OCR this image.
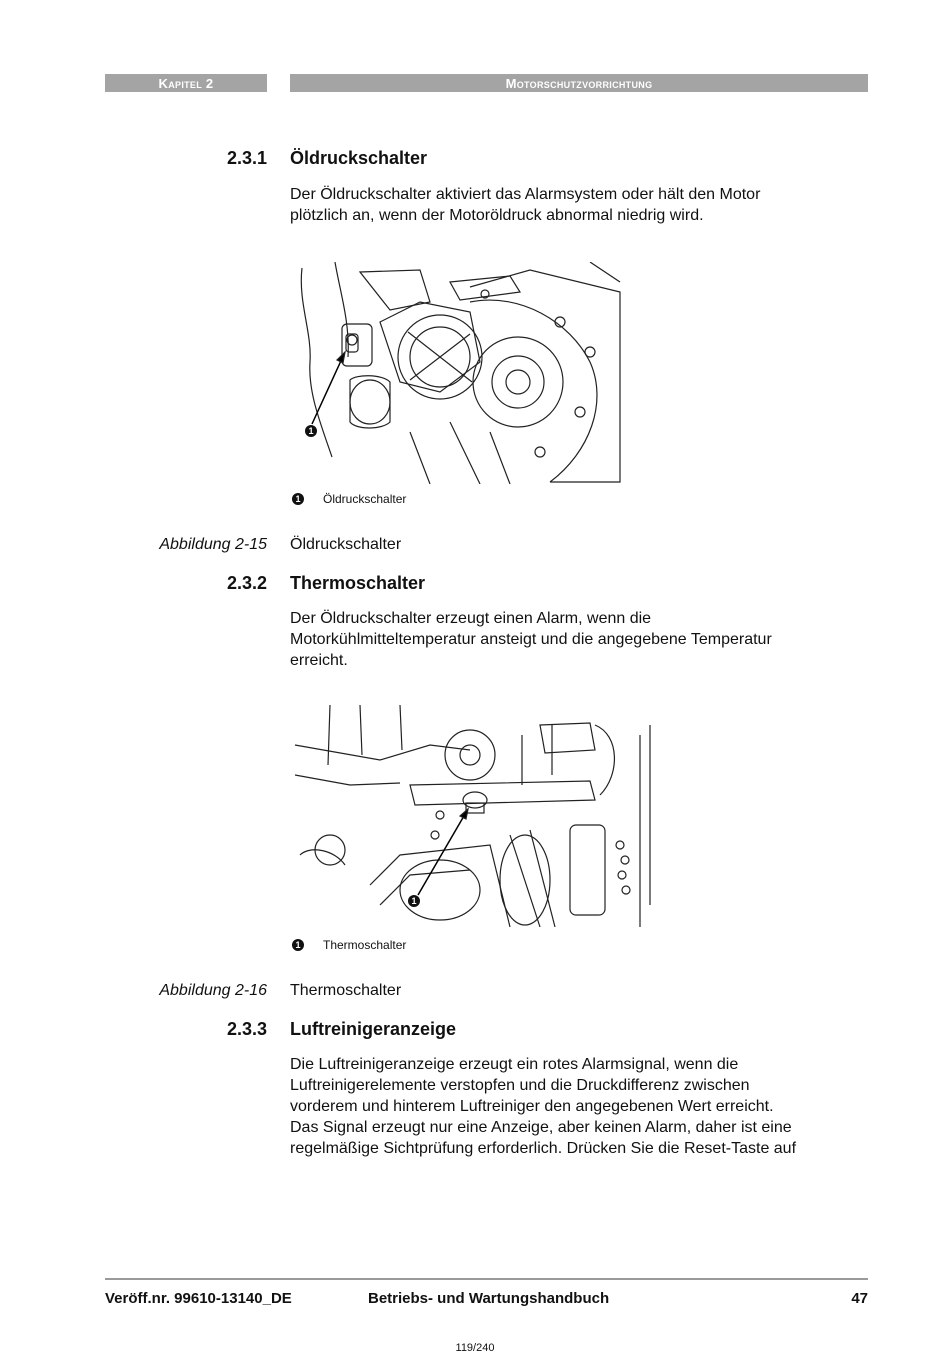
Kapitel 2	Motorschutzvorrichtung
2.3.1 Öldruckschalter
Der Öldruckschalter aktiviert das Alarmsystem oder hält den Motor
plötzlich an, wenn der Motoröldruck abnormal niedrig wird.
1
1 Öldruckschalter
Abbildung 2-15 Öldruckschalter
2.3.2 Thermoschalter
Der Öldruckschalter erzeugt einen Alarm, wenn die
Motorkühlmitteltemperatur ansteigt und die angegebene Temperatur
erreicht.
1
1 Thermoschalter
Abbildung 2-16 Thermoschalter
2.3.3 Luftreinigeranzeige
Die Luftreinigeranzeige erzeugt ein rotes Alarmsignal, wenn die
Luftreinigerelemente verstopfen und die Druckdifferenz zwischen
vorderem und hinterem Luftreiniger den angegebenen Wert erreicht.
Das Signal erzeugt nur eine Anzeige, aber keinen Alarm, daher ist eine
regelmäßige Sichtprüfung erforderlich. Drücken Sie die Reset-Taste auf
Veröff.nr. 99610-13140_DE	Betriebs- und Wartungshandbuch	47
119/240
